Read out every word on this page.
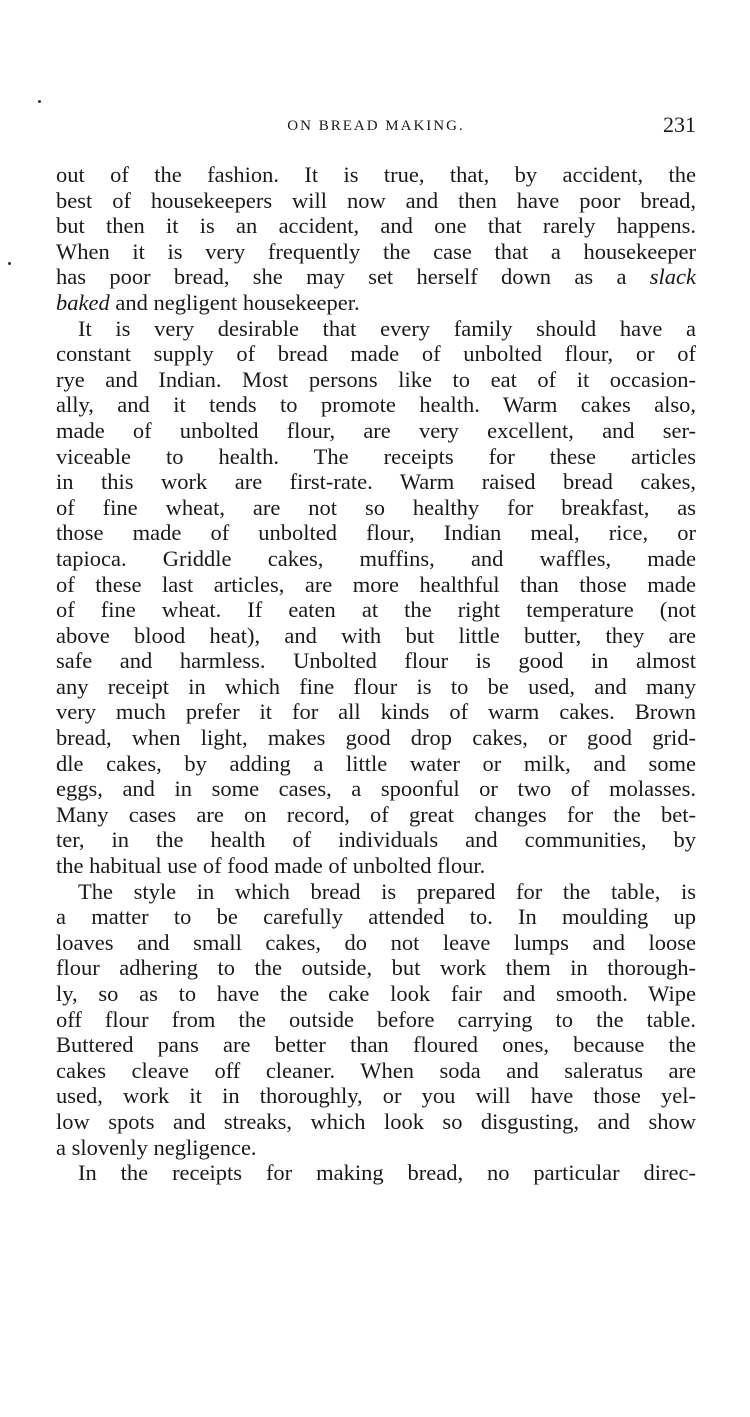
ON BREAD MAKING.	231
out of the fashion. It is true, that, by accident, the
best of housekeepers will now and then have poor bread,
but then it is an accident, and one that rarely happens.
When it is very frequently the case that a housekeeper
has poor bread, she may set herself down as a slack
baked and negligent housekeeper.
It is very desirable that every family should have a
constant supply of bread made of unbolted flour, or of
rye and Indian. Most persons like to eat of it occasion-
ally, and it tends to promote health. Warm cakes also,
made of unbolted flour, are very excellent, and ser-
viceable to health. The receipts for these articles
in this work are first-rate. Warm raised bread cakes,
of fine wheat, are not so healthy for breakfast, as
those made of unbolted flour, Indian meal, rice, or
tapioca. Griddle cakes, muffins, and waffles, made
of these last articles, are more healthful than those made
of fine wheat. If eaten at the right temperature (not
above blood heat), and with but little butter, they are
safe and harmless. Unbolted flour is good in almost
any receipt in which fine flour is to be used, and many
very much prefer it for all kinds of warm cakes. Brown
bread, when light, makes good drop cakes, or good grid-
dle cakes, by adding a little water or milk, and some
eggs, and in some cases, a spoonful or two of molasses.
Many cases are on record, of great changes for the bet-
ter, in the health of individuals and communities, by
the habitual use of food made of unbolted flour.
The style in which bread is prepared for the table, is
a matter to be carefully attended to. In moulding up
loaves and small cakes, do not leave lumps and loose
flour adhering to the outside, but work them in thorough-
ly, so as to have the cake look fair and smooth. Wipe
off flour from the outside before carrying to the table.
Buttered pans are better than floured ones, because the
cakes cleave off cleaner. When soda and saleratus are
used, work it in thoroughly, or you will have those yel-
low spots and streaks, which look so disgusting, and show
a slovenly negligence.
In the receipts for making bread, no particular direc-
